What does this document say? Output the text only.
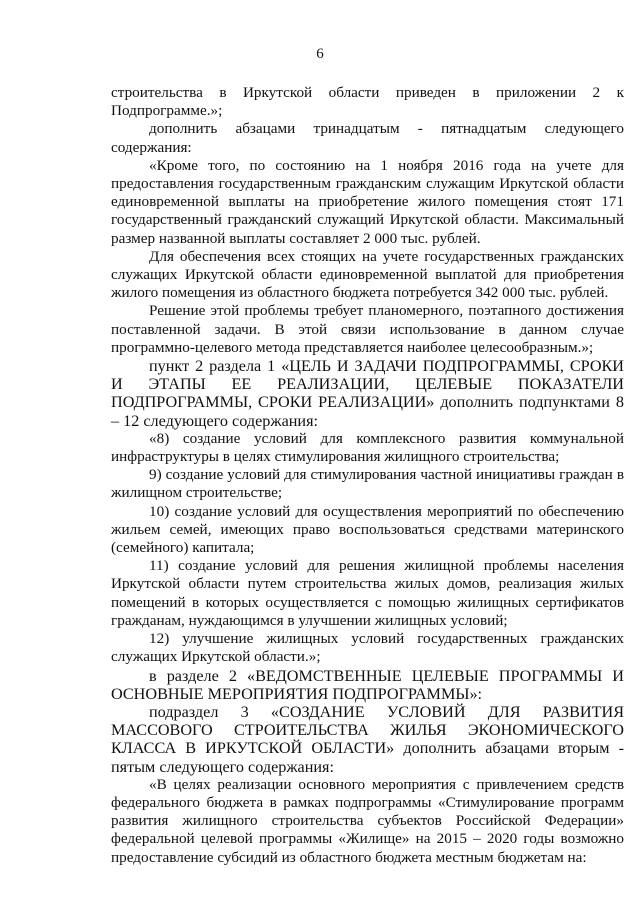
6

строительства в Иркутской области приведен в приложении 2 к Подпрограмме.»;

дополнить абзацами тринадцатым - пятнадцатым следующего содержания:

«Кроме того, по состоянию на 1 ноября 2016 года на учете для предоставления государственным гражданским служащим Иркутской области единовременной выплаты на приобретение жилого помещения стоят 171 государственный гражданский служащий Иркутской области. Максимальный размер названной выплаты составляет 2 000 тыс. рублей.

Для обеспечения всех стоящих на учете государственных гражданских служащих Иркутской области единовременной выплатой для приобретения жилого помещения из областного бюджета потребуется 342 000 тыс. рублей.

Решение этой проблемы требует планомерного, поэтапного достижения поставленной задачи. В этой связи использование в данном случае программно-целевого метода представляется наиболее целесообразным.»;

пункт 2 раздела 1 «ЦЕЛЬ И ЗАДАЧИ ПОДПРОГРАММЫ, СРОКИ И ЭТАПЫ ЕЕ РЕАЛИЗАЦИИ, ЦЕЛЕВЫЕ ПОКАЗАТЕЛИ ПОДПРОГРАММЫ, СРОКИ РЕАЛИЗАЦИИ» дополнить подпунктами 8 – 12 следующего содержания:

«8) создание условий для комплексного развития коммунальной инфраструктуры в целях стимулирования жилищного строительства;

9) создание условий для стимулирования частной инициативы граждан в жилищном строительстве;

10) создание условий для осуществления мероприятий по обеспечению жильем семей, имеющих право воспользоваться средствами материнского (семейного) капитала;

11) создание условий для решения жилищной проблемы населения Иркутской области путем строительства жилых домов, реализация жилых помещений в которых осуществляется с помощью жилищных сертификатов гражданам, нуждающимся в улучшении жилищных условий;

12) улучшение жилищных условий государственных гражданских служащих Иркутской области.»;

в разделе 2 «ВЕДОМСТВЕННЫЕ ЦЕЛЕВЫЕ ПРОГРАММЫ И ОСНОВНЫЕ МЕРОПРИЯТИЯ ПОДПРОГРАММЫ»:

подраздел 3 «СОЗДАНИЕ УСЛОВИЙ ДЛЯ РАЗВИТИЯ МАССОВОГО СТРОИТЕЛЬСТВА ЖИЛЬЯ ЭКОНОМИЧЕСКОГО КЛАССА В ИРКУТСКОЙ ОБЛАСТИ» дополнить абзацами вторым - пятым следующего содержания:

«В целях реализации основного мероприятия с привлечением средств федерального бюджета в рамках подпрограммы «Стимулирование программ развития жилищного строительства субъектов Российской Федерации» федеральной целевой программы «Жилище» на 2015 – 2020 годы возможно предоставление субсидий из областного бюджета местным бюджетам на:
